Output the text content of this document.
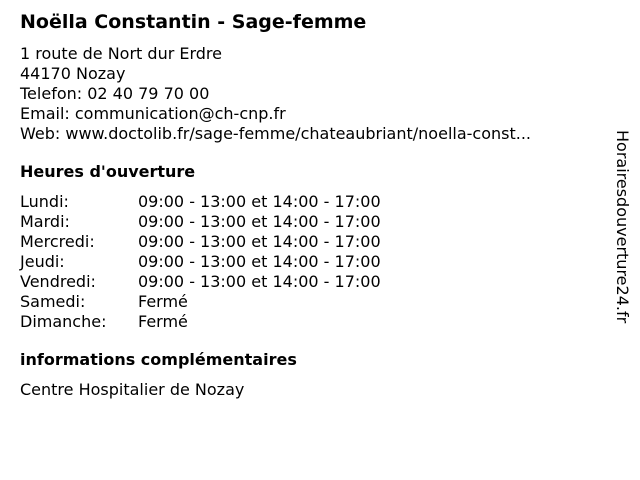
Noëlla Constantin - Sage-femme
1 route de Nort dur Erdre
44170 Nozay
Telefon: 02 40 79 70 00
Email: communication@ch-cnp.fr
Web: www.doctolib.fr/sage-femme/chateaubriant/noella-const...
Heures d'ouverture
Lundi:	09:00 - 13:00 et 14:00 - 17:00
Mardi:	09:00 - 13:00 et 14:00 - 17:00
Mercredi:	09:00 - 13:00 et 14:00 - 17:00
Jeudi:	09:00 - 13:00 et 14:00 - 17:00
Vendredi:	09:00 - 13:00 et 14:00 - 17:00
Samedi:	Fermé
Dimanche:	Fermé
informations complémentaires
Centre Hospitalier de Nozay
Horairesdouverture24.fr
